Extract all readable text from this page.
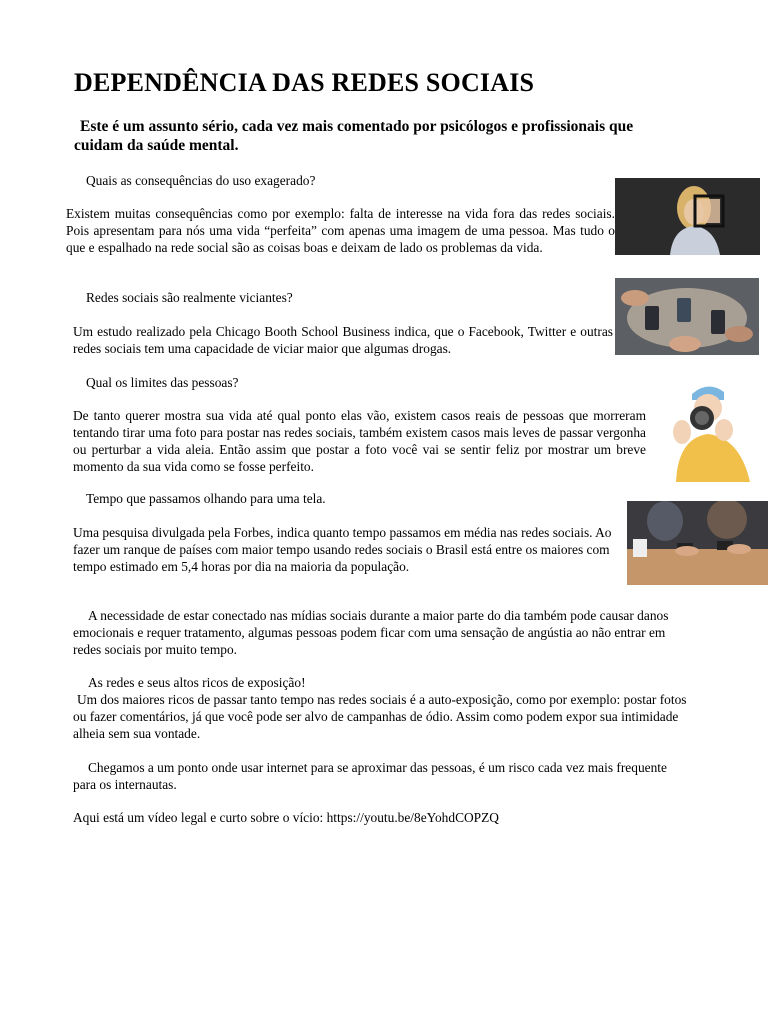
DEPENDÊNCIA DAS REDES SOCIAIS
Este é um assunto sério, cada vez mais comentado por psicólogos e profissionais que cuidam da saúde mental.
Quais as consequências do uso exagerado?
Existem muitas consequências como por exemplo: falta de interesse na vida fora das redes sociais. Pois apresentam para nós uma vida “perfeita” com apenas uma imagem de uma pessoa. Mas tudo o que e espalhado na rede social são as coisas boas e deixam de lado os problemas da vida.
Redes sociais são realmente viciantes?
Um estudo realizado pela Chicago Booth School Business indica, que o Facebook, Twitter e outras redes sociais tem uma capacidade de viciar maior que algumas drogas.
Qual os limites das pessoas?
De tanto querer mostra sua vida até qual ponto elas vão, existem casos reais de pessoas que morreram tentando tirar uma foto para postar nas redes sociais, também existem casos mais leves de passar vergonha ou perturbar a vida aleia. Então assim que postar a foto você vai se sentir feliz por mostrar um breve momento da sua vida como se fosse perfeito.
Tempo que passamos olhando para uma tela.
Uma pesquisa divulgada pela Forbes, indica quanto tempo passamos em média nas redes sociais. Ao fazer um ranque de países com maior tempo usando redes sociais o Brasil está entre os maiores com tempo estimado em 5,4 horas por dia na maioria da população.
A necessidade de estar conectado nas mídias sociais durante a maior parte do dia também pode causar danos emocionais e requer tratamento, algumas pessoas podem ficar com uma sensação de angústia ao não entrar em redes sociais por muito tempo.
As redes e seus altos ricos de exposição!
Um dos maiores ricos de passar tanto tempo nas redes sociais é a auto-exposição, como por exemplo: postar fotos ou fazer comentários, já que você pode ser alvo de campanhas de ódio. Assim como podem expor sua intimidade alheia sem sua vontade.
Chegamos a um ponto onde usar internet para se aproximar das pessoas, é um risco cada vez mais frequente para os internautas.
Aqui está um vídeo legal e curto sobre o vício: https://youtu.be/8eYohdCOPZQ
